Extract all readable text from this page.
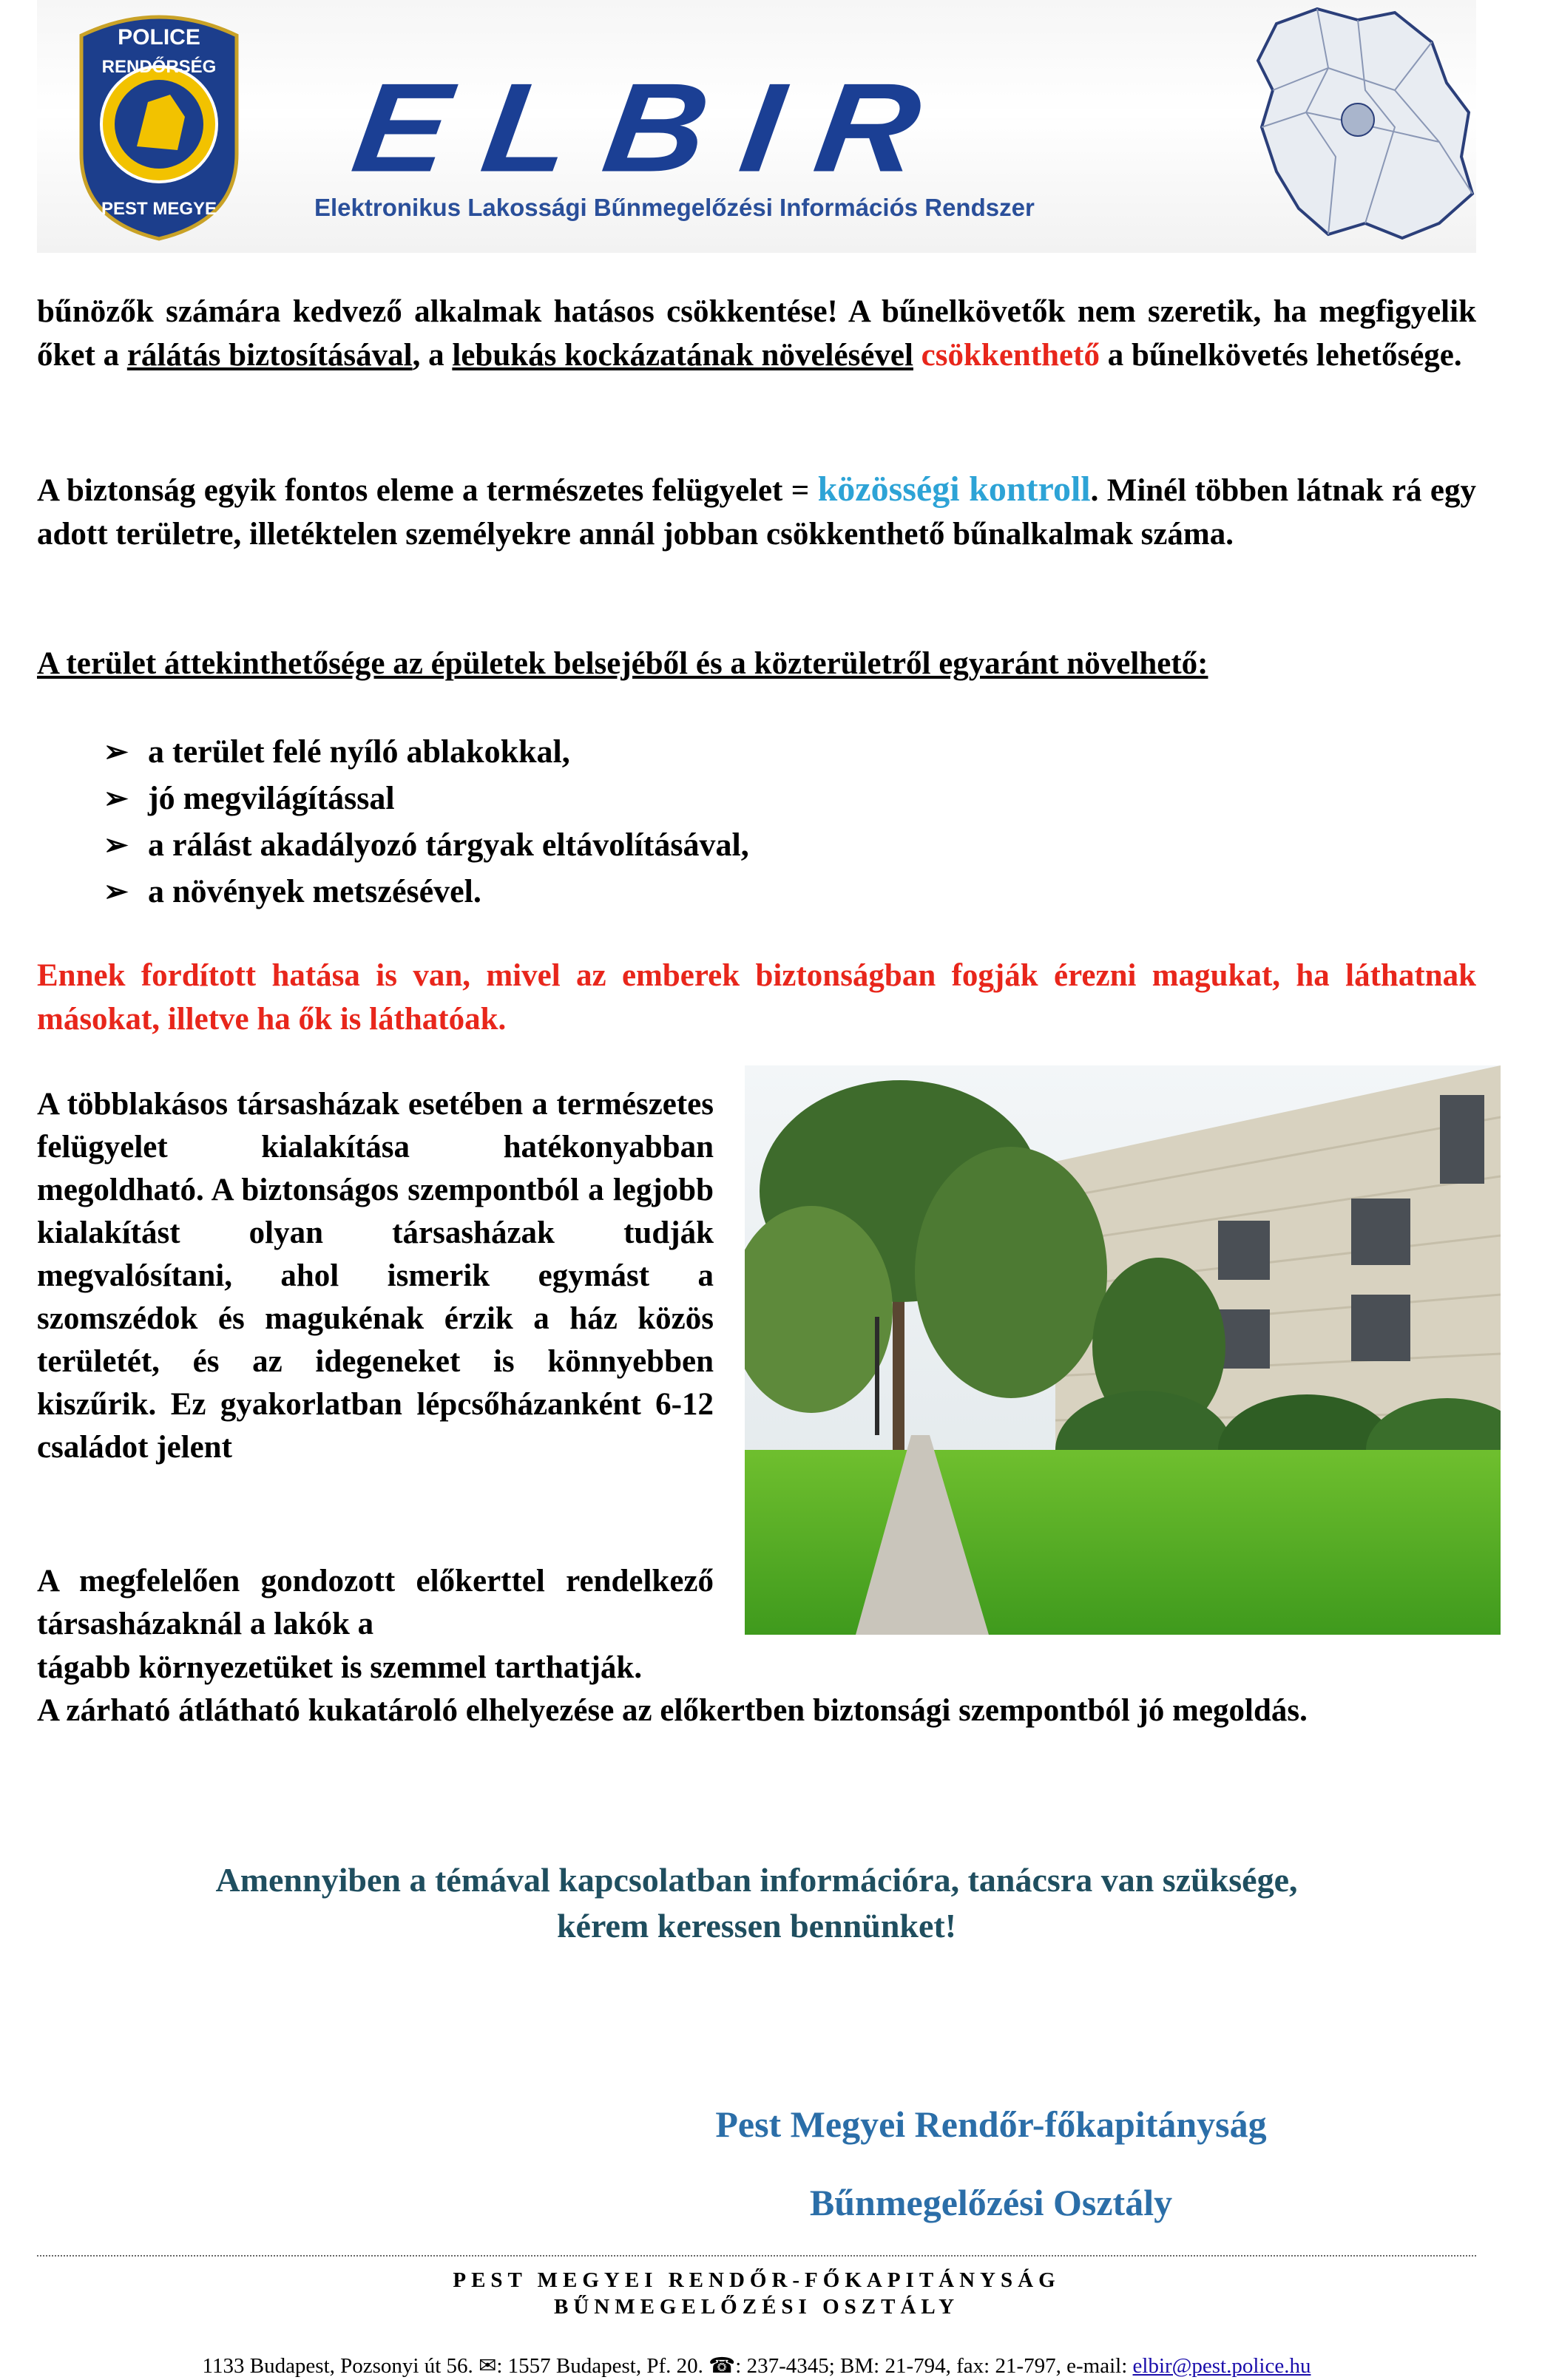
POLICE
RENDŐRSÉG
PEST MEGYE
ELBIR
Elektronikus Lakossági Bűnmegelőzési Információs Rendszer
bűnözők számára kedvező alkalmak hatásos csökkentése! A bűnelkövetők nem szeretik, ha megfigyelik őket a rálátás biztosításával, a lebukás kockázatának növelésével csökkenthető a bűnelkövetés lehetősége.
A biztonság egyik fontos eleme a természetes felügyelet = közösségi kontroll. Minél többen látnak rá egy adott területre, illetéktelen személyekre annál jobban csökkenthető bűnalkalmak száma.
A terület áttekinthetősége az épületek belsejéből és a közterületről egyaránt növelhető:
➢ a terület felé nyíló ablakokkal,
➢ jó megvilágítással
➢ a rálást akadályozó tárgyak eltávolításával,
➢ a növények metszésével.
Ennek fordított hatása is van, mivel az emberek biztonságban fogják érezni magukat, ha láthatnak másokat, illetve ha ők is láthatóak.
A többlakásos társasházak esetében a természetes felügyelet kialakítása hatékonyabban megoldható. A biztonságos szempontból a legjobb kialakítást olyan társasházak tudják megvalósítani, ahol ismerik egymást a szomszédok és magukénak érzik a ház közös területét, és az idegeneket is könnyebben kiszűrik. Ez gyakorlatban lépcsőházanként 6-12 családot jelent
A megfelelően gondozott előkerttel rendelkező társasházaknál a lakók a
tágabb környezetüket is szemmel tarthatják.
A zárható átlátható kukatároló elhelyezése az előkertben biztonsági szempontból jó megoldás.
Amennyiben a témával kapcsolatban információra, tanácsra van szüksége,
kérem keressen bennünket!
Pest Megyei Rendőr-főkapitányság
Bűnmegelőzési Osztály
PEST MEGYEI RENDŐR-FŐKAPITÁNYSÁG
BŰNMEGELŐZÉSI OSZTÁLY
1133 Budapest, Pozsonyi út 56. ✉: 1557 Budapest, Pf. 20. ☎: 237-4345; BM: 21-794, fax: 21-797, e-mail: elbir@pest.police.hu
